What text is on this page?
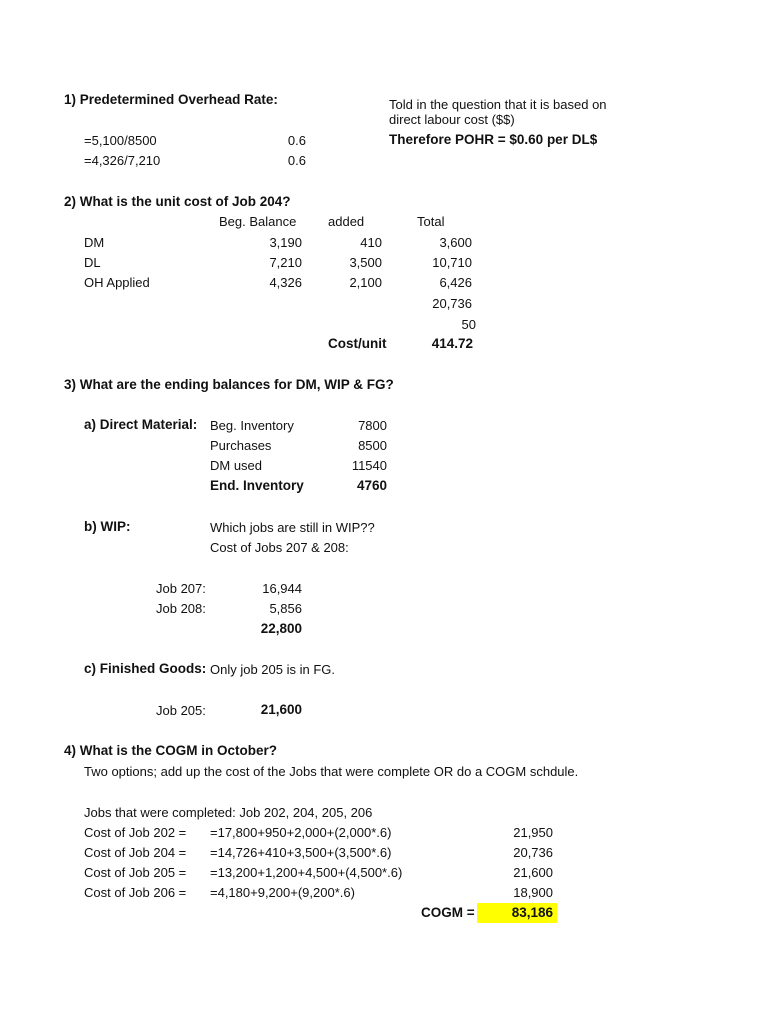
1) Predetermined Overhead Rate:	Told in the question that it is based on
direct labour cost ($$)
Therefore POHR = $0.60 per DL$
=5,100/8500	0.6
=4,326/7,210	0.6
2) What is the unit cost of Job 204?
Beg. Balance added	Total
DM	3,190	410	3,600
DL	7,210	3,500	10,710
OH Applied	4,326	2,100	6,426
20,736
50
Cost/unit	414.72
3) What are the ending balances for DM, WIP & FG?
a) Direct Material: Beg. Inventory	7800
Purchases	8500
DM used	11540
End. Inventory	4760
b) WIP:	Which jobs are still in WIP??
Cost of Jobs 207 & 208:
Job 207:	16,944
Job 208:	5,856
22,800
c) Finished Goods: Only job 205 is in FG.
Job 205:	21,600
4) What is the COGM in October?
Two options; add up the cost of the Jobs that were complete OR do a COGM schdule.
Jobs that were completed: Job 202, 204, 205, 206
Cost of Job 202 = =17,800+950+2,000+(2,000*.6)	21,950
Cost of Job 204 = =14,726+410+3,500+(3,500*.6)	20,736
Cost of Job 205 = =13,200+1,200+4,500+(4,500*.6)	21,600
Cost of Job 206 = =4,180+9,200+(9,200*.6)	18,900
COGM =	83,186
